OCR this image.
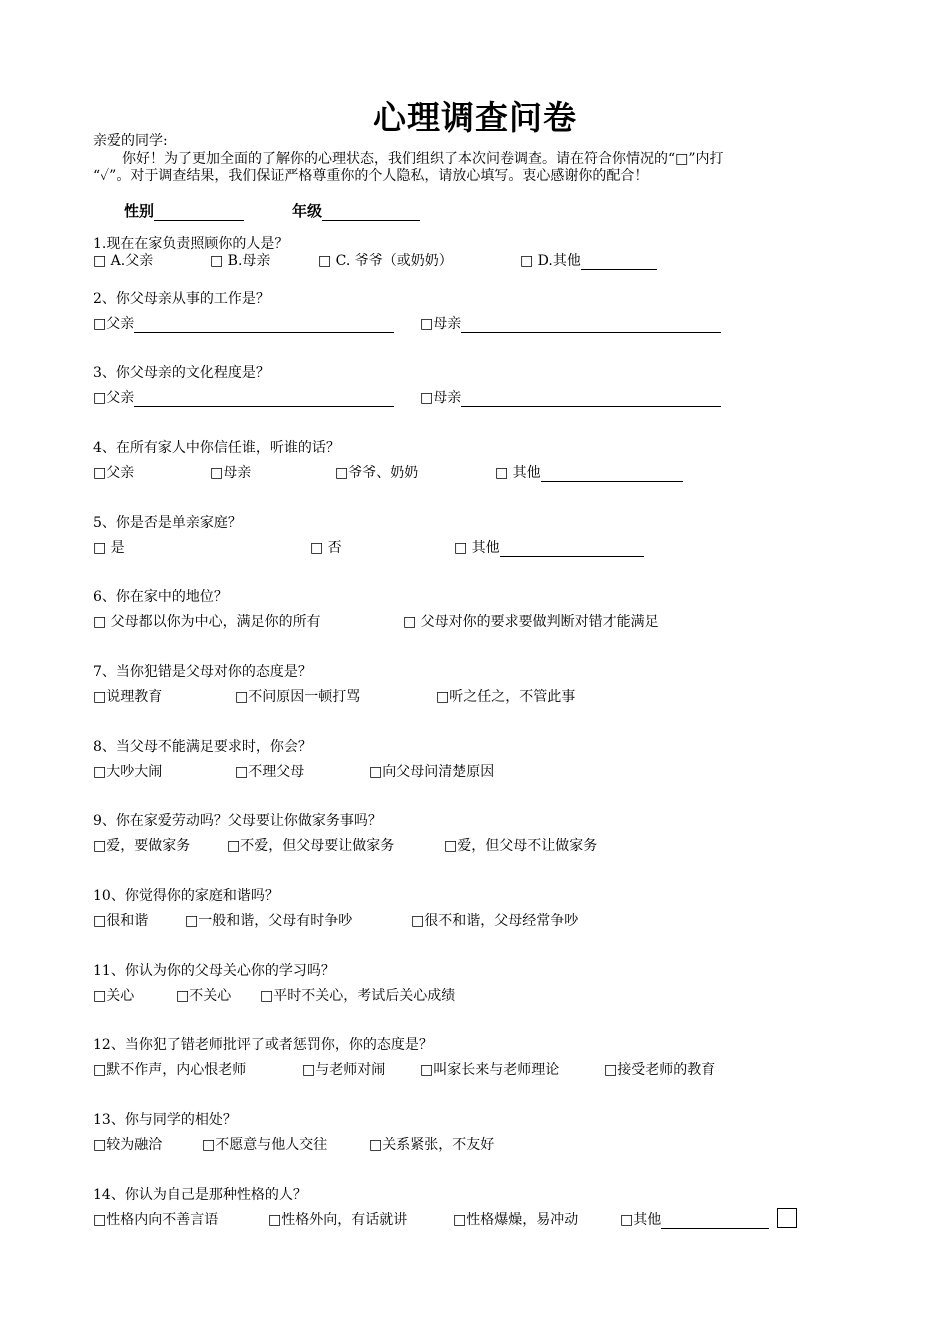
心理调查问卷
亲爱的同学:
你好！为了更加全面的了解你的心理状态，我们组织了本次问卷调查。请在符合你情况的“□”内打
“✓”。对于调查结果，我们保证严格尊重你的个人隐私，请放心填写。衷心感谢你的配合！
性别	年级
1.现在在家负责照顾你的人是？
□ A.父亲	□ B.母亲	□ C. 爷爷（或奶奶）	□ D.其他
2、你父母亲从事的工作是？
□父亲	□母亲
3、你父母亲的文化程度是？
□父亲	□母亲
4、在所有家人中你信任谁，听谁的话？
□父亲	□母亲	□爷爷、奶奶	□ 其他
5、你是否是单亲家庭？
□ 是	□ 否	□ 其他
6、你在家中的地位？
□ 父母都以你为中心，满足你的所有	□ 父母对你的要求要做判断对错才能满足
7、当你犯错是父母对你的态度是？
□说理教育	□不问原因一顿打骂	□听之任之，不管此事
8、当父母不能满足要求时，你会？
□大吵大闹	□不理父母	□向父母问清楚原因
9、你在家爱劳动吗？父母要让你做家务事吗？
□爱，要做家务	□不爱，但父母要让做家务	□爱，但父母不让做家务
10、你觉得你的家庭和谐吗？
□很和谐	□一般和谐，父母有时争吵	□很不和谐，父母经常争吵
11、你认为你的父母关心你的学习吗？
□关心	□不关心 □平时不关心，考试后关心成绩
12、当你犯了错老师批评了或者惩罚你，你的态度是？
□默不作声，内心恨老师	□与老师对闹 □叫家长来与老师理论	□接受老师的教育
13、你与同学的相处？
□较为融洽	□不愿意与他人交往	□关系紧张，不友好
14、你认为自己是那种性格的人？
□性格内向不善言语	□性格外向，有话就讲	□性格爆燥，易冲动	□其他
